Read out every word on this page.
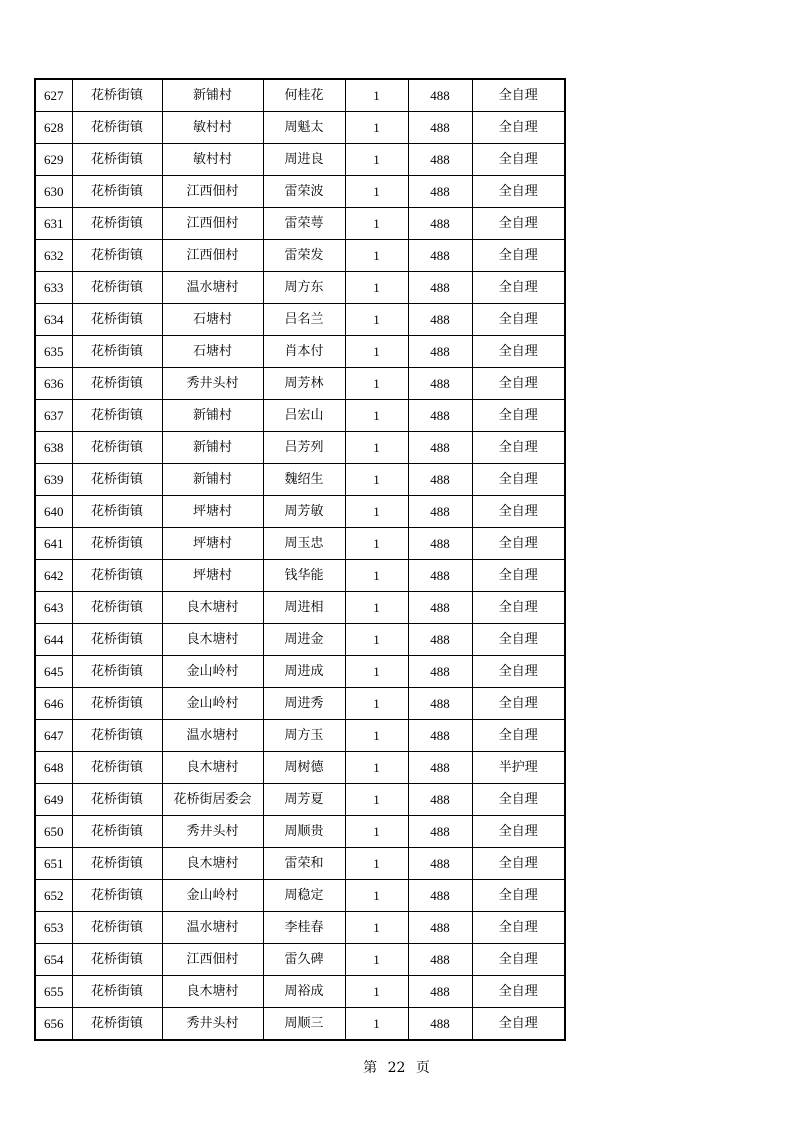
627	花桥街镇	新铺村	何桂花	1	488	全自理
628	花桥街镇	敏村村	周魁太	1	488	全自理
629	花桥街镇	敏村村	周进良	1	488	全自理
630	花桥街镇	江西佃村	雷荣波	1	488	全自理
631	花桥街镇	江西佃村	雷荣萼	1	488	全自理
632	花桥街镇	江西佃村	雷荣发	1	488	全自理
633	花桥街镇	温水塘村	周方东	1	488	全自理
634	花桥街镇	石塘村	吕名兰	1	488	全自理
635	花桥街镇	石塘村	肖本付	1	488	全自理
636	花桥街镇	秀井头村	周芳林	1	488	全自理
637	花桥街镇	新铺村	吕宏山	1	488	全自理
638	花桥街镇	新铺村	吕芳列	1	488	全自理
639	花桥街镇	新铺村	魏绍生	1	488	全自理
640	花桥街镇	坪塘村	周芳敏	1	488	全自理
641	花桥街镇	坪塘村	周玉忠	1	488	全自理
642	花桥街镇	坪塘村	钱华能	1	488	全自理
643	花桥街镇	良木塘村	周进相	1	488	全自理
644	花桥街镇	良木塘村	周进金	1	488	全自理
645	花桥街镇	金山岭村	周进成	1	488	全自理
646	花桥街镇	金山岭村	周进秀	1	488	全自理
647	花桥街镇	温水塘村	周方玉	1	488	全自理
648	花桥街镇	良木塘村	周树德	1	488	半护理
649	花桥街镇	花桥街居委会	周芳夏	1	488	全自理
650	花桥街镇	秀井头村	周顺贵	1	488	全自理
651	花桥街镇	良木塘村	雷荣和	1	488	全自理
652	花桥街镇	金山岭村	周稳定	1	488	全自理
653	花桥街镇	温水塘村	李桂春	1	488	全自理
654	花桥街镇	江西佃村	雷久碑	1	488	全自理
655	花桥街镇	良木塘村	周裕成	1	488	全自理
656	花桥街镇	秀井头村	周顺三	1	488	全自理
第 22 页
